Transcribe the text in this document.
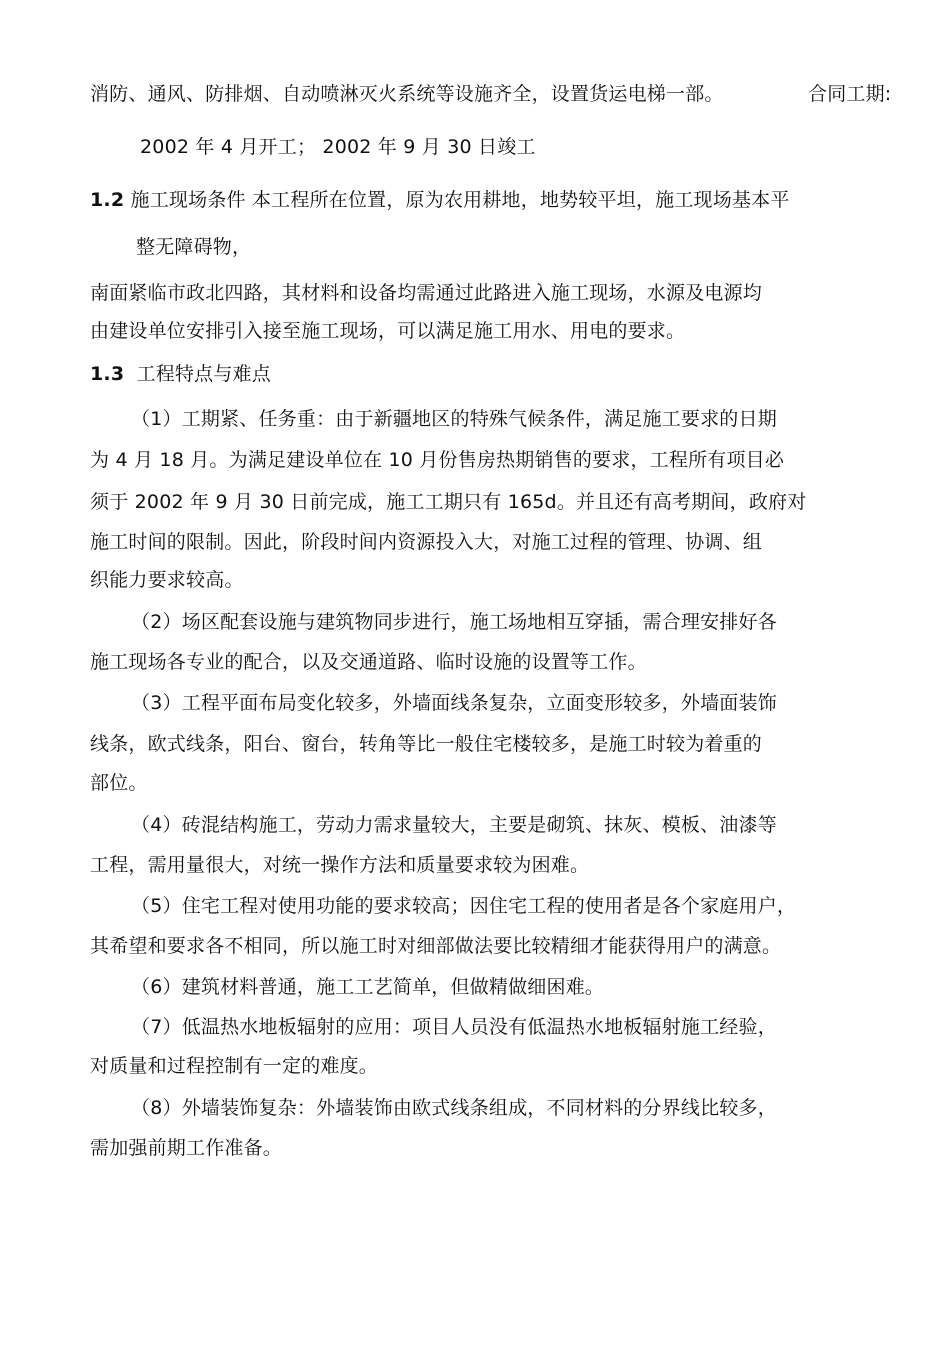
消防、通风、防排烟、自动喷淋灭火系统等设施齐全，设置货运电梯一部。	合同工期:
2002 年 4 月开工； 2002 年 9 月 30 日竣工
1.2 施工现场条件 本工程所在位置，原为农用耕地，地势较平坦，施工现场基本平
整无障碍物，
南面紧临市政北四路，其材料和设备均需通过此路进入施工现场，水源及电源均
由建设单位安排引入接至施工现场，可以满足施工用水、用电的要求。
1.3 工程特点与难点
（1）工期紧、任务重：由于新疆地区的特殊气候条件，满足施工要求的日期
为 4 月 18 月。为满足建设单位在 10 月份售房热期销售的要求，工程所有项目必
须于 2002 年 9 月 30 日前完成，施工工期只有 165d。并且还有高考期间，政府对
施工时间的限制。因此，阶段时间内资源投入大，对施工过程的管理、协调、组
织能力要求较高。
（2）场区配套设施与建筑物同步进行，施工场地相互穿插，需合理安排好各
施工现场各专业的配合，以及交通道路、临时设施的设置等工作。
（3）工程平面布局变化较多，外墙面线条复杂，立面变形较多，外墙面装饰
线条，欧式线条，阳台、窗台，转角等比一般住宅楼较多，是施工时较为着重的
部位。
（4）砖混结构施工，劳动力需求量较大，主要是砌筑、抹灰、模板、油漆等
工程，需用量很大，对统一操作方法和质量要求较为困难。
（5）住宅工程对使用功能的要求较高；因住宅工程的使用者是各个家庭用户，
其希望和要求各不相同，所以施工时对细部做法要比较精细才能获得用户的满意。
（6）建筑材料普通，施工工艺简单，但做精做细困难。
（7）低温热水地板辐射的应用：项目人员没有低温热水地板辐射施工经验，
对质量和过程控制有一定的难度。
（8）外墙装饰复杂：外墙装饰由欧式线条组成，不同材料的分界线比较多，
需加强前期工作准备。
